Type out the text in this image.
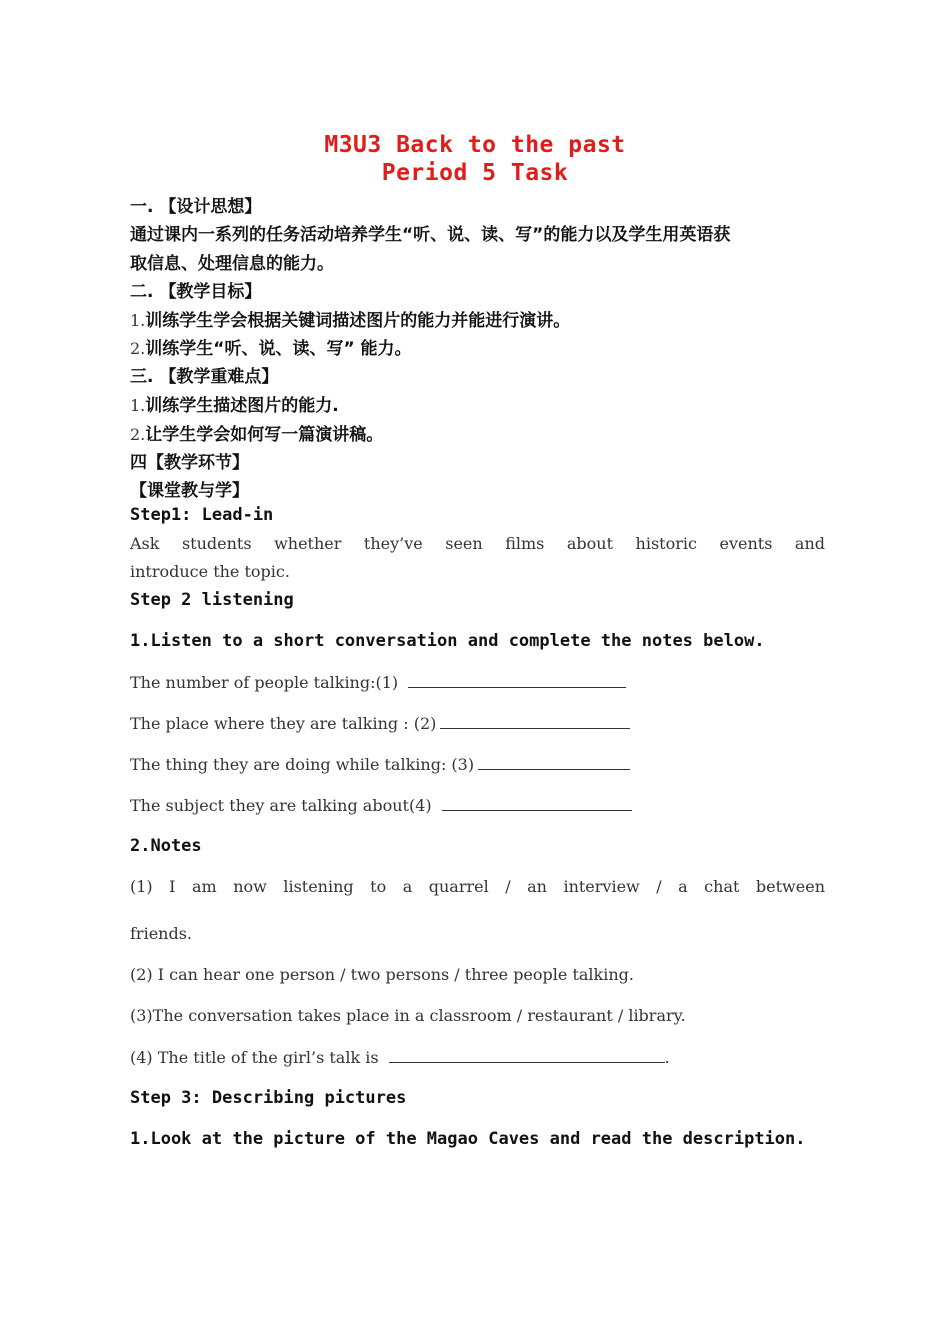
M3U3 Back to the past
Period 5 Task
一. 【设计思想】
通过课内一系列的任务活动培养学生“听、说、读、写”的能力以及学生用英语获
取信息、处理信息的能力。
二. 【教学目标】
1.训练学生学会根据关键词描述图片的能力并能进行演讲。
2.训练学生“听、说、读、写” 能力。
三. 【教学重难点】
1.训练学生描述图片的能力.
2.让学生学会如何写一篇演讲稿。
四【教学环节】
【课堂教与学】
Step1: Lead-in
Ask students whether they’ve seen films about historic events and
introduce the topic.
Step 2 listening
1.Listen to a short conversation and complete the notes below.
The number of people talking:(1)
The place where they are talking : (2)
The thing they are doing while talking: (3)
The subject they are talking about(4)
2.Notes
(1) I am now listening to a quarrel / an interview / a chat between
friends.
(2) I can hear one person / two persons / three people talking.
(3)The conversation takes place in a classroom / restaurant / library.
(4) The title of the girl’s talk is	.
Step 3: Describing pictures
1.Look at the picture of the Magao Caves and read the description.
